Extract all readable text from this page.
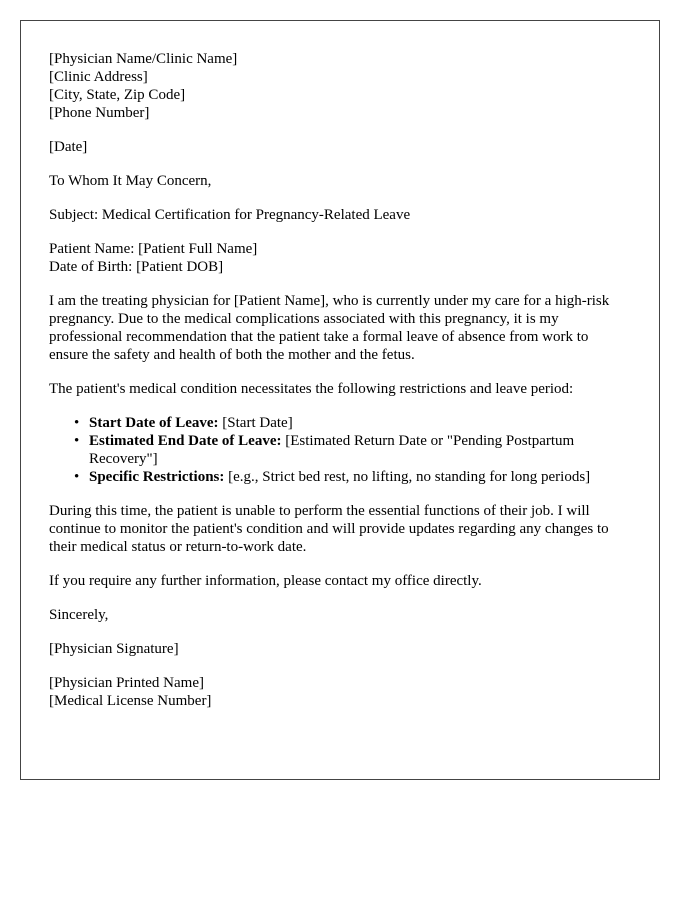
[Physician Name/Clinic Name]
[Clinic Address]
[City, State, Zip Code]
[Phone Number]

[Date]

To Whom It May Concern,

Subject: Medical Certification for Pregnancy-Related Leave

Patient Name: [Patient Full Name]
Date of Birth: [Patient DOB]

I am the treating physician for [Patient Name], who is currently under my care for a high-risk pregnancy. Due to the medical complications associated with this pregnancy, it is my professional recommendation that the patient take a formal leave of absence from work to ensure the safety and health of both the mother and the fetus.

The patient's medical condition necessitates the following restrictions and leave period:

• Start Date of Leave: [Start Date]
• Estimated End Date of Leave: [Estimated Return Date or "Pending Postpartum Recovery"]
• Specific Restrictions: [e.g., Strict bed rest, no lifting, no standing for long periods]

During this time, the patient is unable to perform the essential functions of their job. I will continue to monitor the patient's condition and will provide updates regarding any changes to their medical status or return-to-work date.

If you require any further information, please contact my office directly.

Sincerely,

[Physician Signature]

[Physician Printed Name]
[Medical License Number]
